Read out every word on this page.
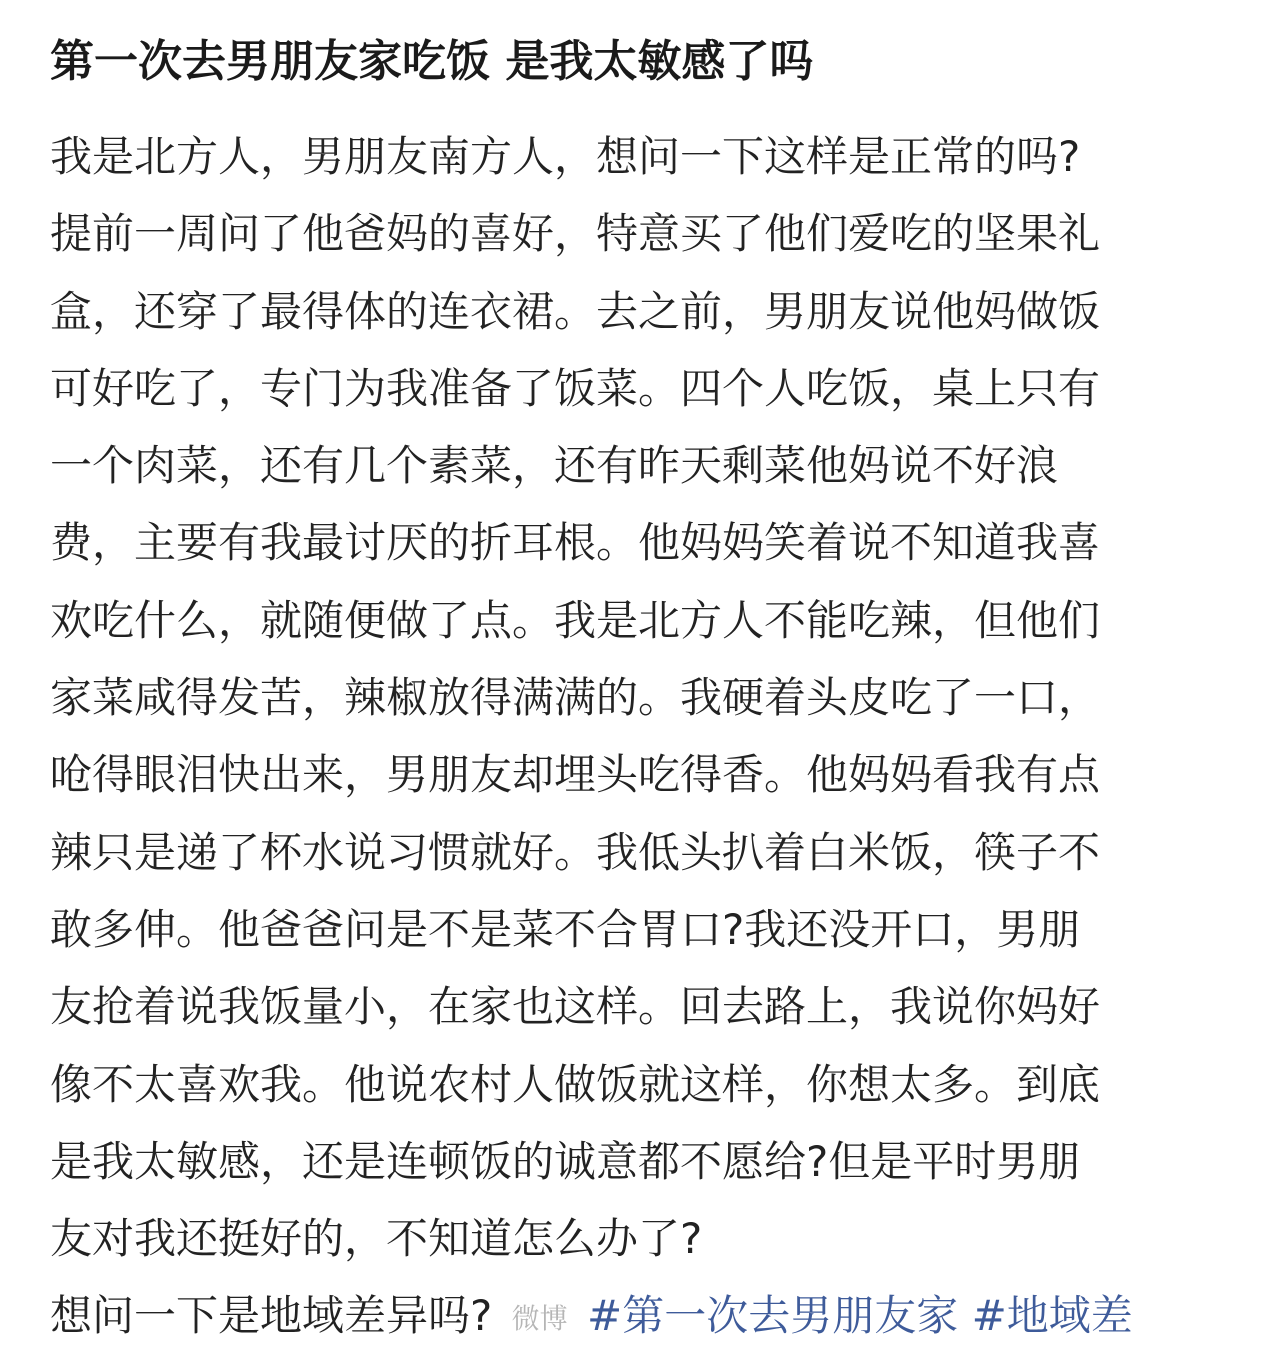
第一次去男朋友家吃饭 是我太敏感了吗
我是北方人，男朋友南方人，想问一下这样是正常的吗?
提前一周问了他爸妈的喜好，特意买了他们爱吃的坚果礼
盒，还穿了最得体的连衣裙。去之前，男朋友说他妈做饭
可好吃了，专门为我准备了饭菜。四个人吃饭，桌上只有
一个肉菜，还有几个素菜，还有昨天剩菜他妈说不好浪
费，主要有我最讨厌的折耳根。他妈妈笑着说不知道我喜
欢吃什么，就随便做了点。我是北方人不能吃辣，但他们
家菜咸得发苦，辣椒放得满满的。我硬着头皮吃了一口，
呛得眼泪快出来，男朋友却埋头吃得香。他妈妈看我有点
辣只是递了杯水说习惯就好。我低头扒着白米饭，筷子不
敢多伸。他爸爸问是不是菜不合胃口?我还没开口，男朋
友抢着说我饭量小，在家也这样。回去路上，我说你妈好
像不太喜欢我。他说农村人做饭就这样，你想太多。到底
是我太敏感，还是连顿饭的诚意都不愿给?但是平时男朋
友对我还挺好的，不知道怎么办了?
想问一下是地域差异吗? 微博 #第一次去男朋友家 #地域差
